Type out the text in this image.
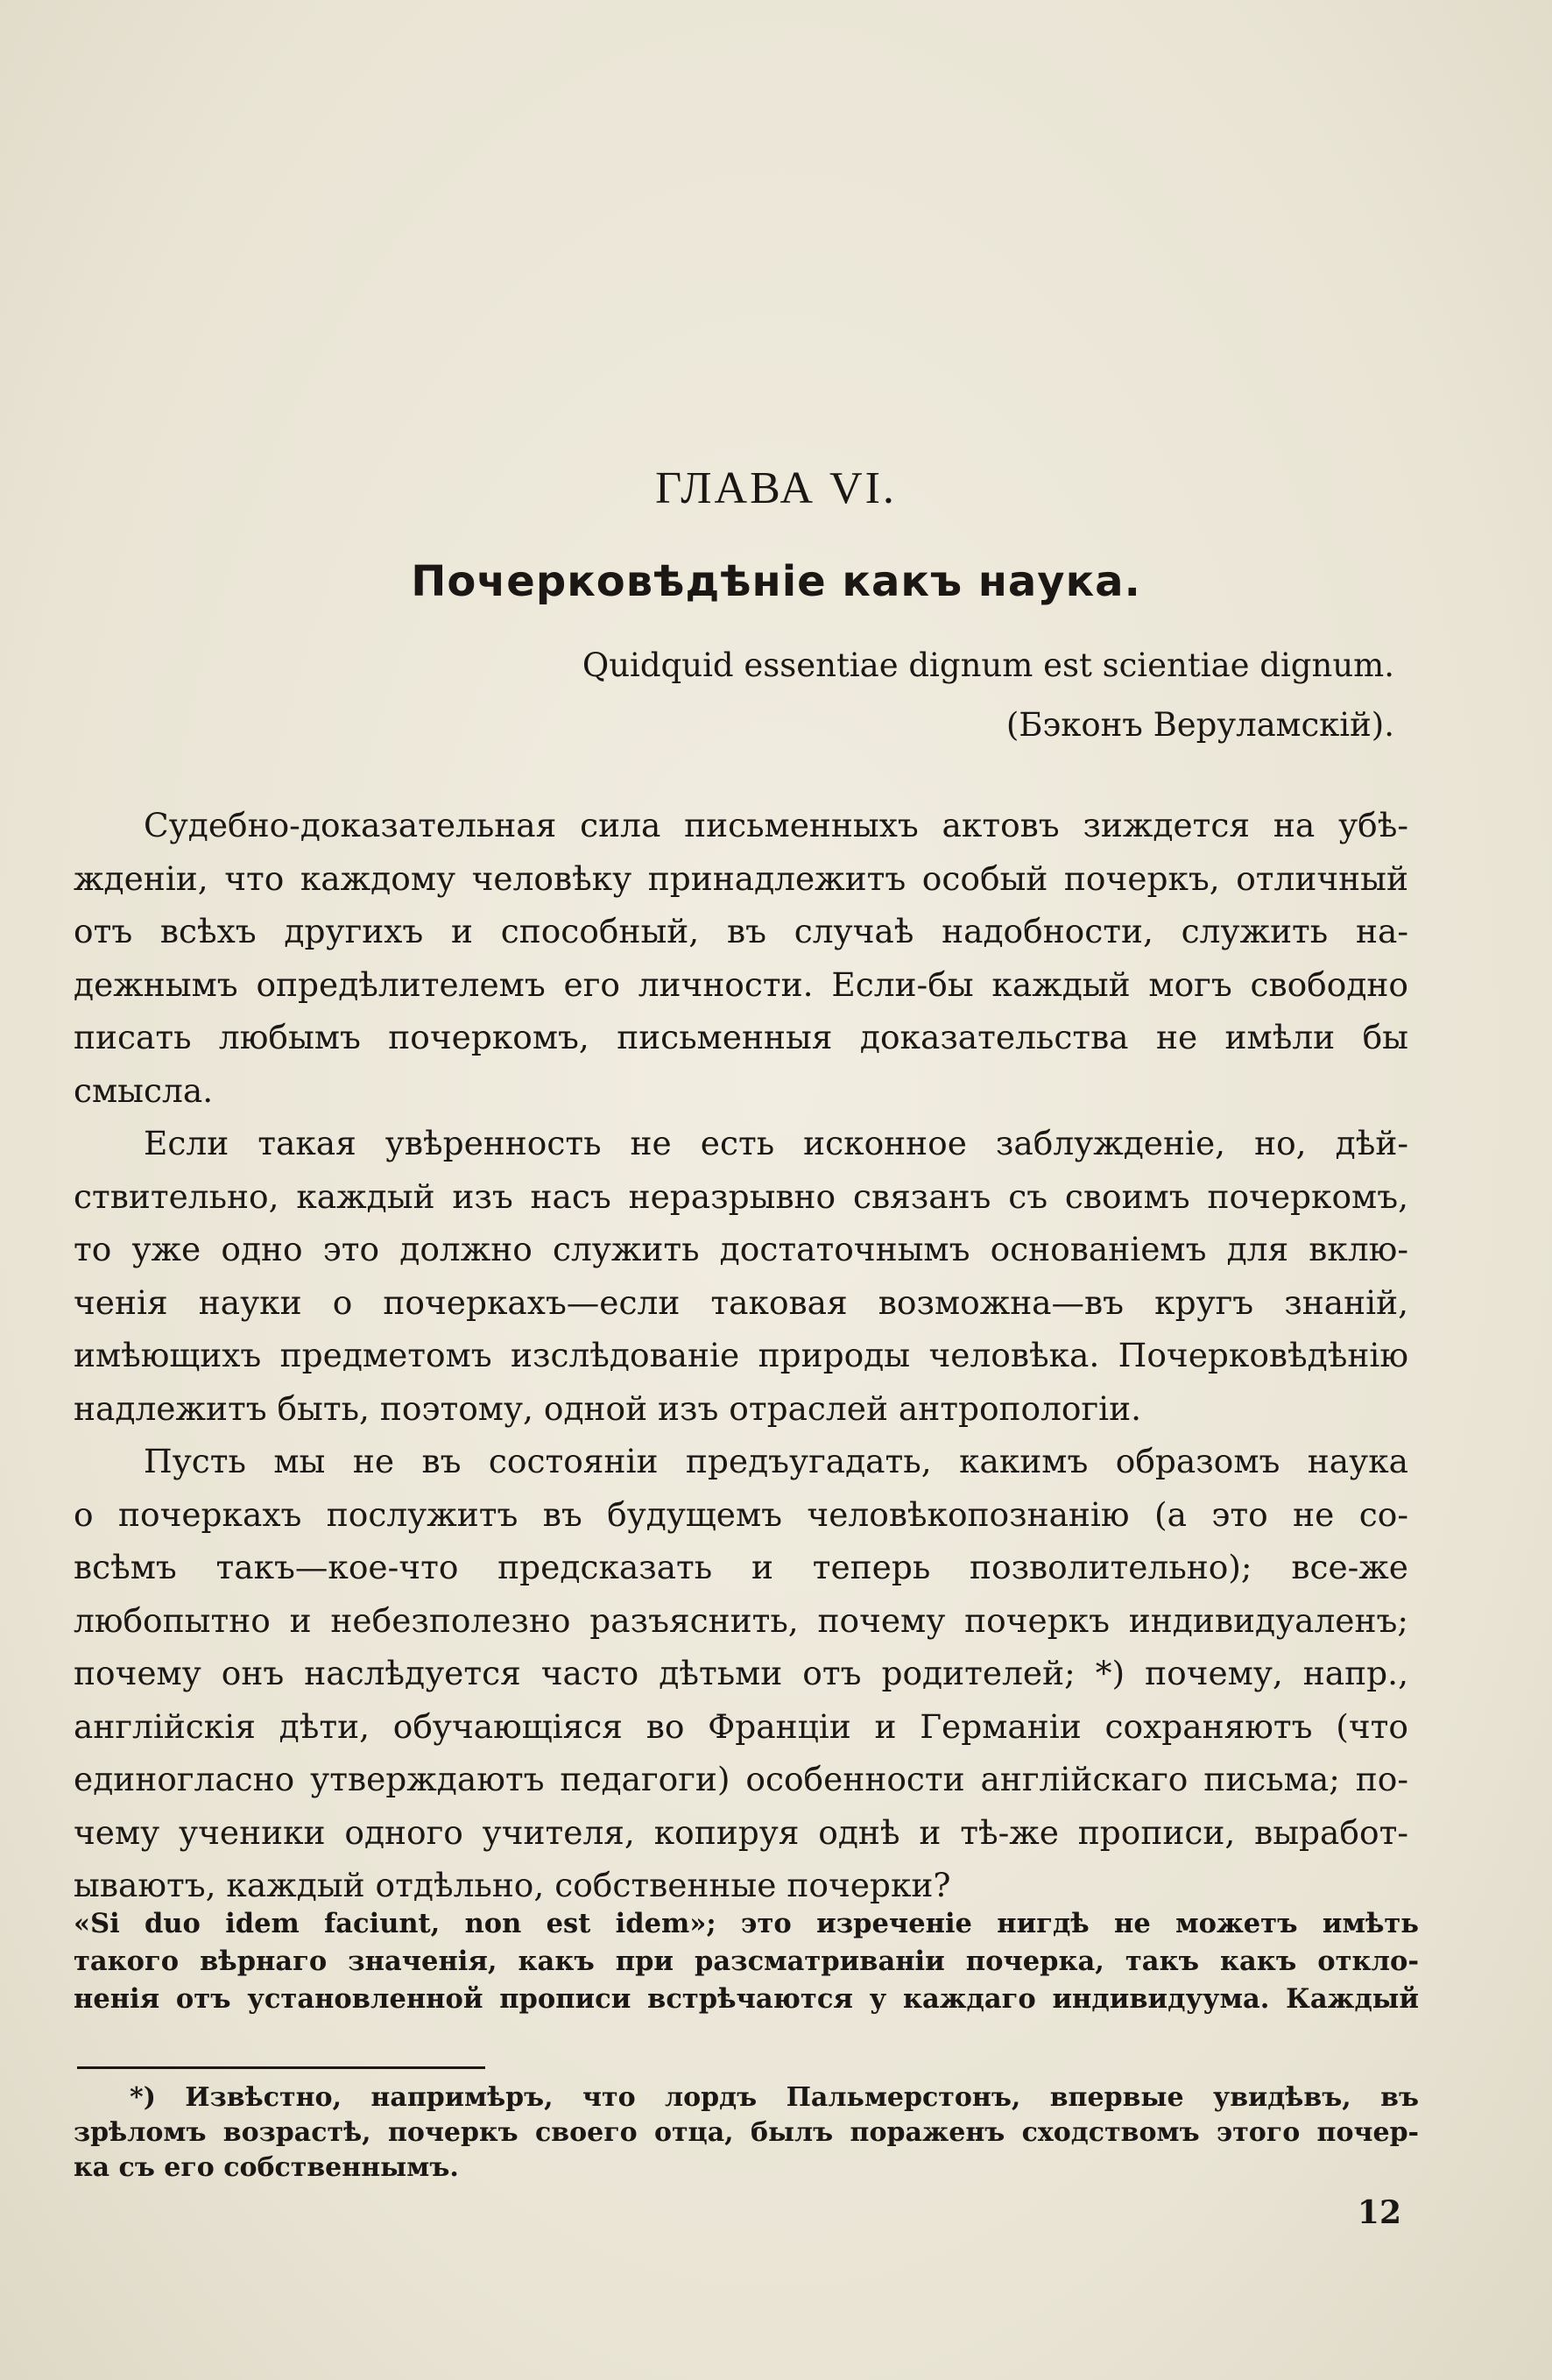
ГЛАВА VI.
Почерковѣдѣніе какъ наука.
Quidquid essentiae dignum est scientiae dignum.
(Бэконъ Веруламскій).
Судебно-доказательная сила письменныхъ актовъ зиждется на убѣ-
жденіи, что каждому человѣку принадлежитъ особый почеркъ, отличный
отъ всѣхъ другихъ и способный, въ случаѣ надобности, служить на-
дежнымъ опредѣлителемъ его личности. Если-бы каждый могъ свободно
писать любымъ почеркомъ, письменныя доказательства не имѣли бы
смысла.
Если такая увѣренность не есть исконное заблужденіе, но, дѣй-
ствительно, каждый изъ насъ неразрывно связанъ съ своимъ почеркомъ,
то уже одно это должно служить достаточнымъ основаніемъ для вклю-
ченія науки о почеркахъ—если таковая возможна—въ кругъ знаній,
имѣющихъ предметомъ изслѣдованіе природы человѣка. Почерковѣдѣнію
надлежитъ быть, поэтому, одной изъ отраслей антропологіи.
Пусть мы не въ состояніи предъугадать, какимъ образомъ наука
о почеркахъ послужитъ въ будущемъ человѣкопознанію (а это не со-
всѣмъ такъ—кое-что предсказать и теперь позволительно); все-же
любопытно и небезполезно разъяснить, почему почеркъ индивидуаленъ;
почему онъ наслѣдуется часто дѣтьми отъ родителей; *) почему, напр.,
англійскія дѣти, обучающіяся во Франціи и Германіи сохраняютъ (что
единогласно утверждаютъ педагоги) особенности англійскаго письма; по-
чему ученики одного учителя, копируя однѣ и тѣ-же прописи, выработ-
ываютъ, каждый отдѣльно, собственные почерки?
«Si duo idem faciunt, non est idem»; это изреченіе нигдѣ не можетъ имѣть
такого вѣрнаго значенія, какъ при разсматриваніи почерка, такъ какъ откло-
ненія отъ установленной прописи встрѣчаются у каждаго индивидуума. Каждый
*) Извѣстно, напримѣръ, что лордъ Пальмерстонъ, впервые увидѣвъ, въ
зрѣломъ возрастѣ, почеркъ своего отца, былъ пораженъ сходствомъ этого почер-
ка съ его собственнымъ.
12
